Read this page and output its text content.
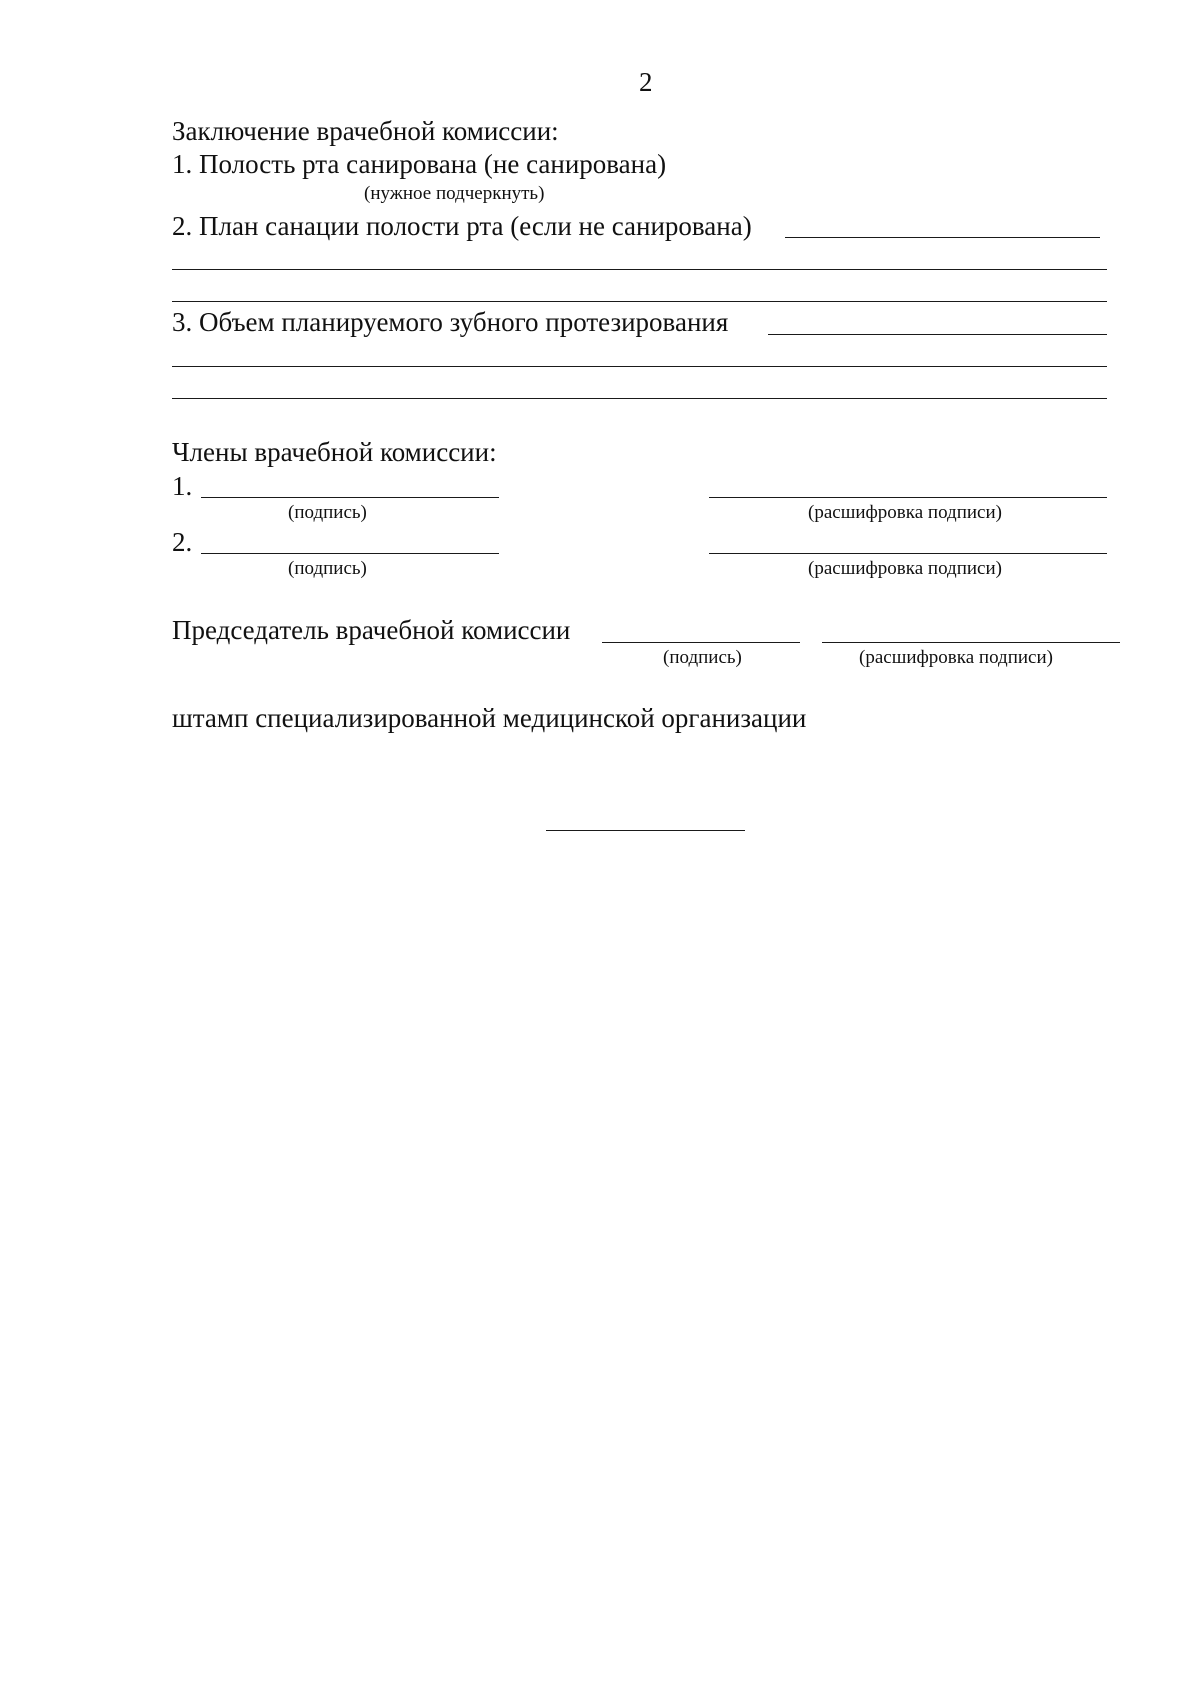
2
Заключение врачебной комиссии:
1. Полость рта санирована (не санирована)
(нужное подчеркнуть)
2. План санации полости рта (если не санирована)
3. Объем планируемого зубного протезирования
Члены врачебной комиссии:
1.
(подпись)	(расшифровка подписи)
2.
(подпись)	(расшифровка подписи)
Председатель врачебной комиссии
(подпись)	(расшифровка подписи)
штамп специализированной медицинской организации
